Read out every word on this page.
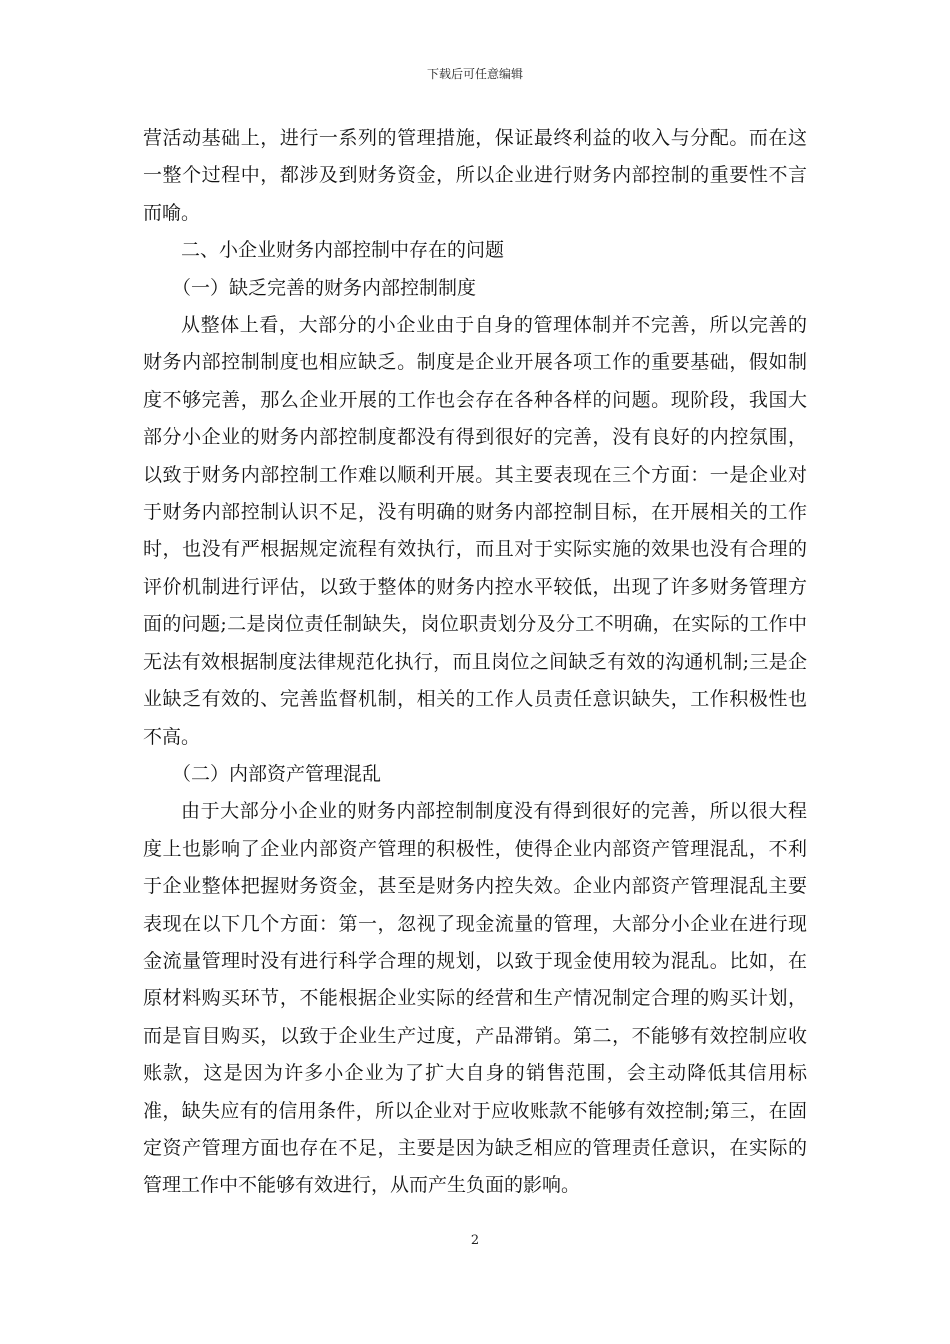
下载后可任意编辑

营活动基础上，进行一系列的管理措施，保证最终利益的收入与分配。而在这一整个过程中，都涉及到财务资金，所以企业进行财务内部控制的重要性不言而喻。

二、小企业财务内部控制中存在的问题

（一）缺乏完善的财务内部控制制度

从整体上看，大部分的小企业由于自身的管理体制并不完善，所以完善的财务内部控制制度也相应缺乏。制度是企业开展各项工作的重要基础，假如制度不够完善，那么企业开展的工作也会存在各种各样的问题。现阶段，我国大部分小企业的财务内部控制度都没有得到很好的完善，没有良好的内控氛围，以致于财务内部控制工作难以顺利开展。其主要表现在三个方面：一是企业对于财务内部控制认识不足，没有明确的财务内部控制目标，在开展相关的工作时，也没有严根据规定流程有效执行，而且对于实际实施的效果也没有合理的评价机制进行评估，以致于整体的财务内控水平较低，出现了许多财务管理方面的问题;二是岗位责任制缺失，岗位职责划分及分工不明确，在实际的工作中无法有效根据制度法律规范化执行，而且岗位之间缺乏有效的沟通机制;三是企业缺乏有效的、完善监督机制，相关的工作人员责任意识缺失，工作积极性也不高。

（二）内部资产管理混乱

由于大部分小企业的财务内部控制制度没有得到很好的完善，所以很大程度上也影响了企业内部资产管理的积极性，使得企业内部资产管理混乱，不利于企业整体把握财务资金，甚至是财务内控失效。企业内部资产管理混乱主要表现在以下几个方面：第一，忽视了现金流量的管理，大部分小企业在进行现金流量管理时没有进行科学合理的规划，以致于现金使用较为混乱。比如，在原材料购买环节，不能根据企业实际的经营和生产情况制定合理的购买计划，而是盲目购买，以致于企业生产过度，产品滞销。第二，不能够有效控制应收账款，这是因为许多小企业为了扩大自身的销售范围，会主动降低其信用标准，缺失应有的信用条件，所以企业对于应收账款不能够有效控制;第三，在固定资产管理方面也存在不足，主要是因为缺乏相应的管理责任意识，在实际的管理工作中不能够有效进行，从而产生负面的影响。

2
